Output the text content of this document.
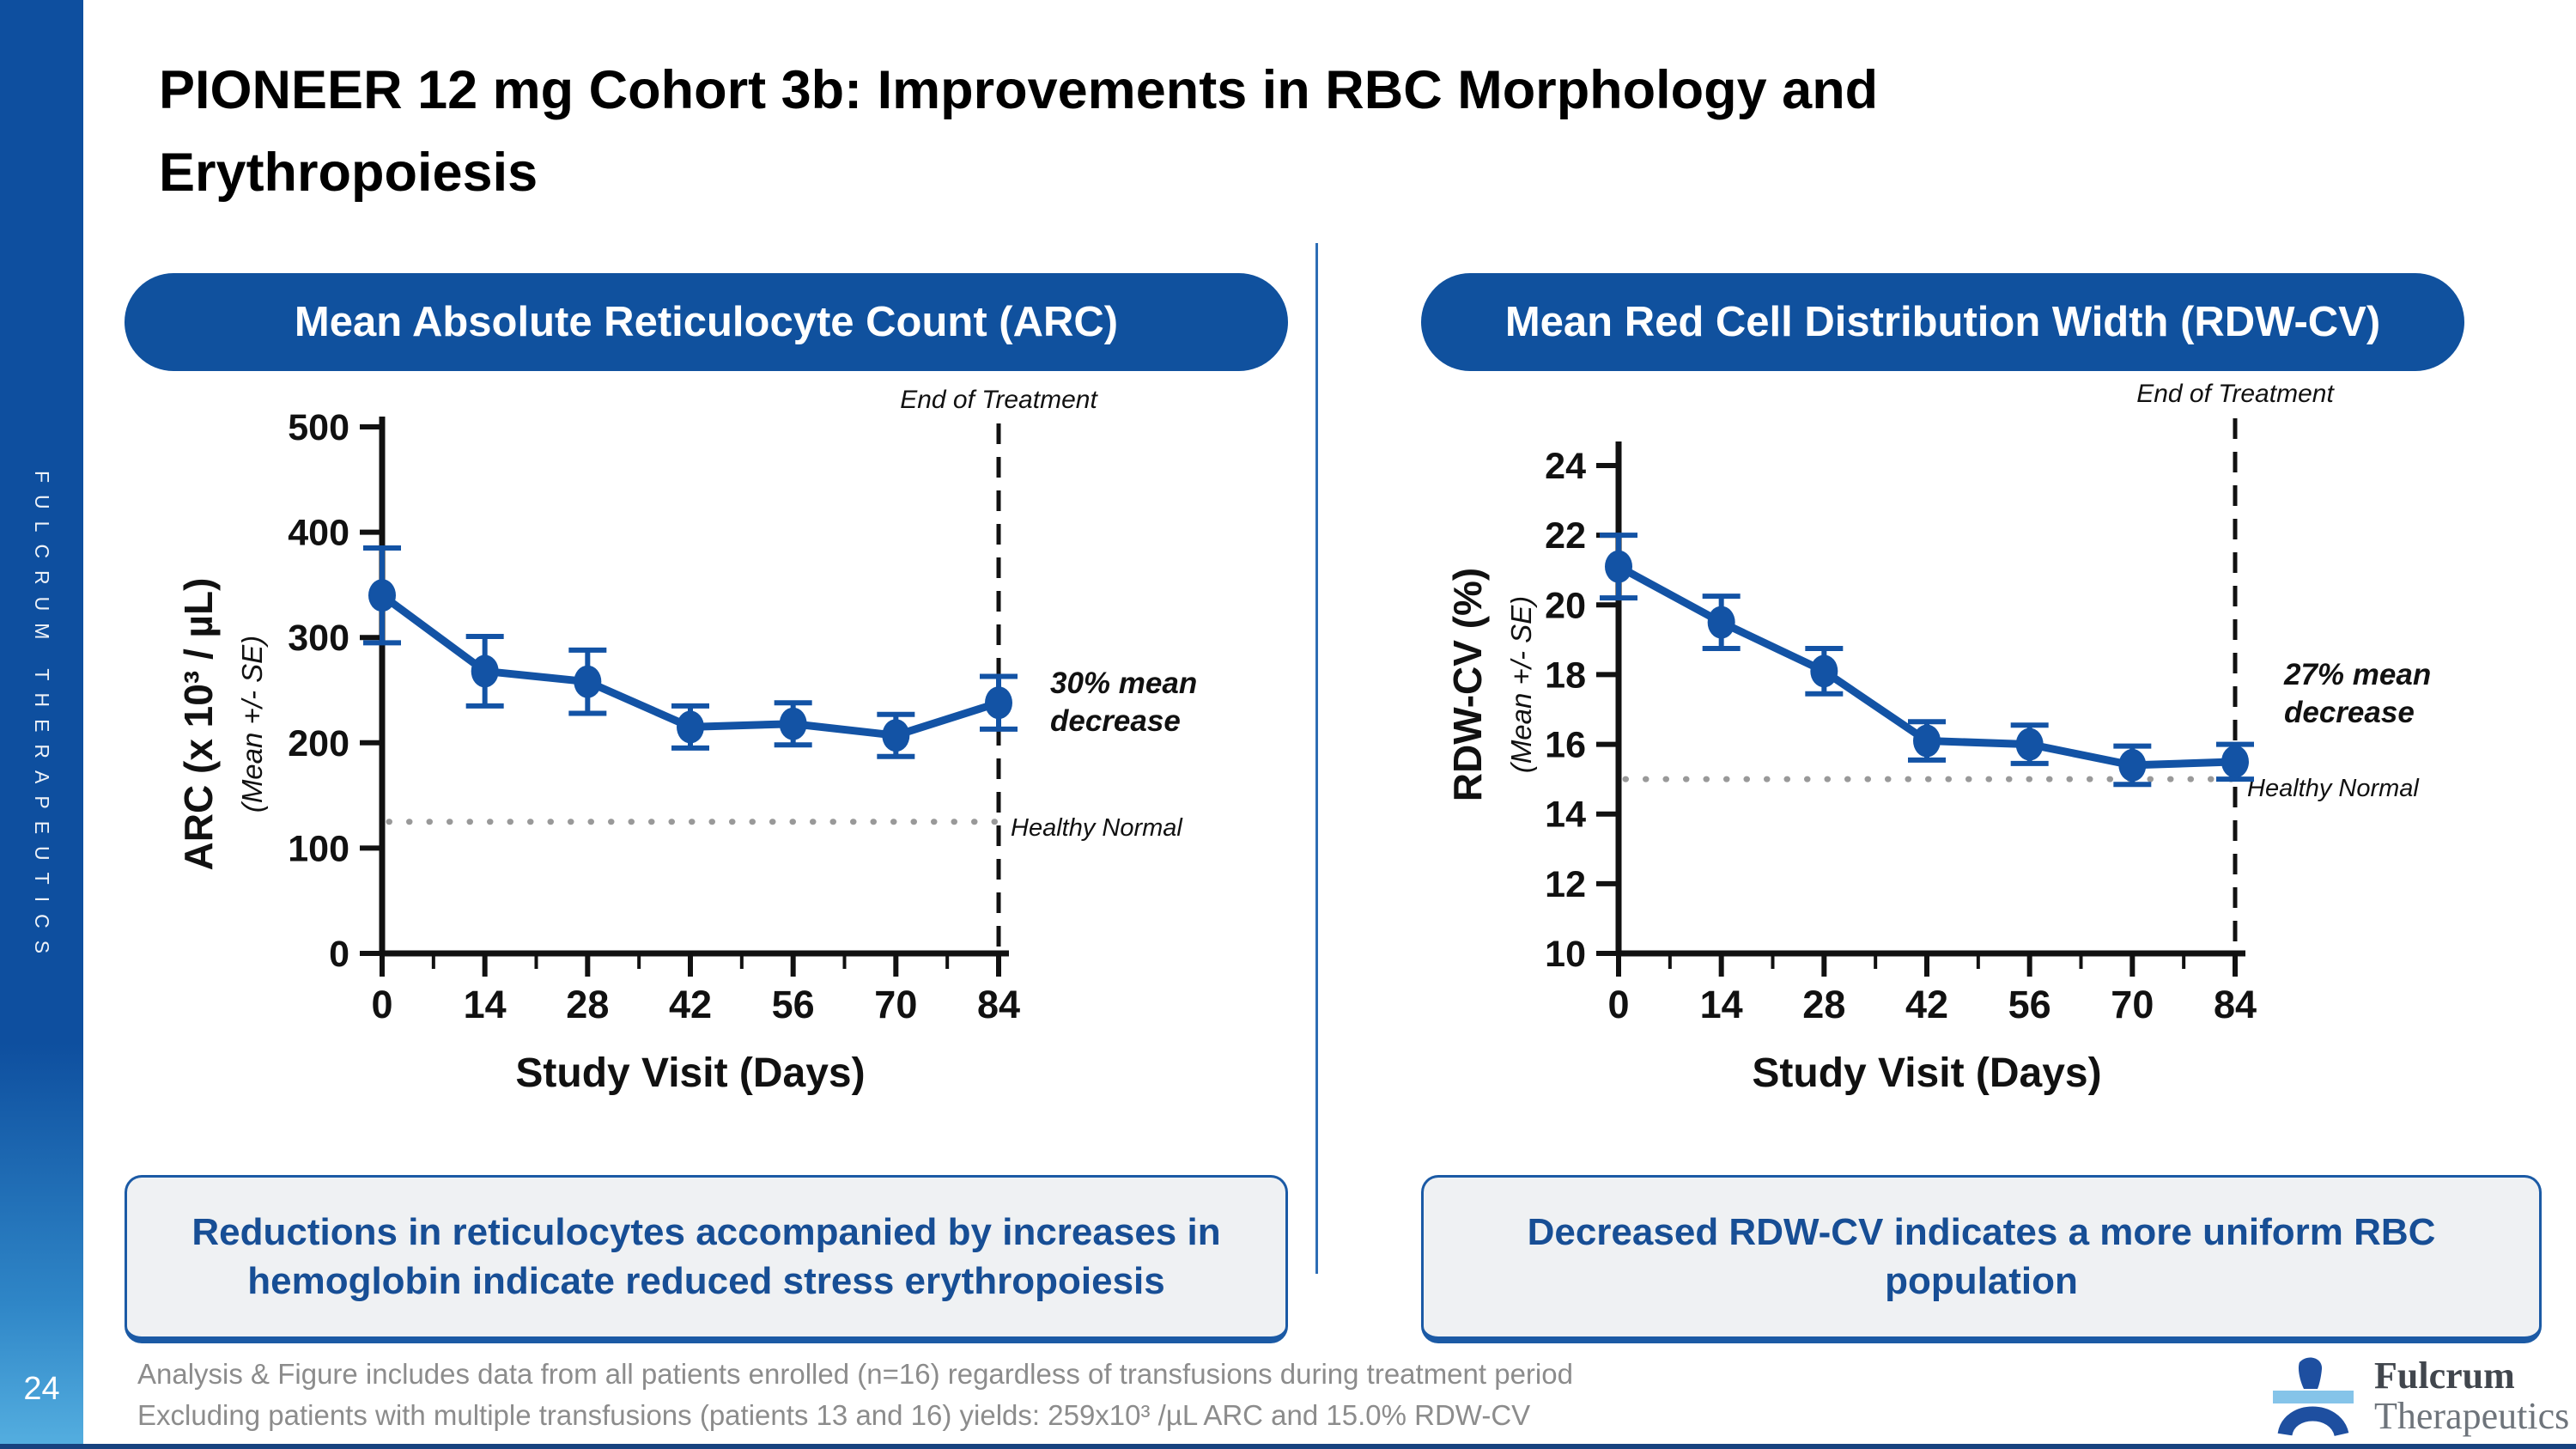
FULCRUM THERAPEUTICS
24
PIONEER 12 mg Cohort 3b: Improvements in RBC Morphology and Erythropoiesis
Mean Absolute Reticulocyte Count (ARC)	Mean Red Cell Distribution Width (RDW-CV)
Healthy Normal
End of Treatment
0
100
200
300
400
500
0 14 28 42 56 70 84
Study Visit (Days)
ARC (x 10³ / µL) (Mean +/- SE)	30% mean
decrease
Healthy Normal
End of Treatment
10
12
14
16
18
20
22
24
0 14 28 42 56 70 84
Study Visit (Days)
RDW-CV (%) (Mean +/- SE)	27% mean
decrease
Reductions in reticulocytes accompanied by increases in hemoglobin indicate reduced stress erythropoiesis
Decreased RDW-CV indicates a more uniform RBC population
Analysis & Figure includes data from all patients enrolled (n=16) regardless of transfusions during treatment period
Excluding patients with multiple transfusions (patients 13 and 16) yields: 259x10³ /µL ARC and 15.0% RDW-CV
Fulcrum
Therapeutics
